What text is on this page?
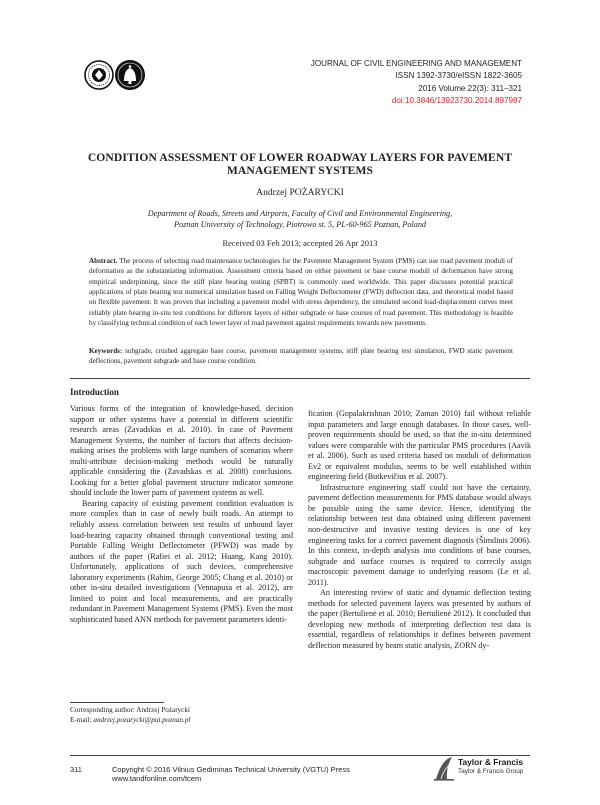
JOURNAL OF CIVIL ENGINEERING AND MANAGEMENT
ISSN 1392-3730/eISSN 1822-3605
2016 Volume 22(3): 311–321
doi:10.3846/13923730.2014.897987
CONDITION ASSESSMENT OF LOWER ROADWAY LAYERS FOR PAVEMENT MANAGEMENT SYSTEMS
Andrzej POŻARYCKI
Department of Roads, Streets and Airports, Faculty of Civil and Environmental Engineering,
Poznan University of Technology, Piotrowo st. 5, PL-60-965 Poznan, Poland
Received 03 Feb 2013; accepted 26 Apr 2013

Abstract. The process of selecting road maintenance technologies for the Pavement Management System (PMS) can use road pavement moduli of deformation as the substantiating information. Assessment criteria based on either pavement or base course moduli of deformation have strong empirical underpinning, since the stiff plate bearing testing (SPBT) is commonly used worldwide. This paper discusses potential practical applications of plate bearing test numerical simulation based on Falling Weight Deflectometer (FWD) deflection data, and theoretical model based on flexible pavement. It was proven that including a pavement model with stress dependency, the simulated second load-displacement curves meet reliably plate bearing in-situ test conditions for different layers of either subgrade or base courses of road pavement. This methodology is feasible by classifying technical condition of each lower layer of road pavement against requirements towards new pavements.

Keywords: subgrade, crushed aggregate base course, pavement management systems, stiff plate bearing test simulation, FWD static pavement deflections, pavement subgrade and base course condition.

Introduction

Various forms of the integration of knowledge-based, decision support or other systems have a potential in different scientific research areas (Zavadskas et al. 2010). In case of Pavement Management Systems, the number of factors that affects decision-making arises the problems with large numbers of scenarios where multi-attribute decision-making methods would be naturally applicable considering the (Zavadskas et al. 2008) conclusions. Looking for a better global pavement structure indicator someone should include the lower parts of pavement systems as well.

Bearing capacity of existing pavement condition evaluation is more complex than in case of newly built roads. An attempt to reliably assess correlation between test results of unbound layer load-bearing capacity obtained through conventional testing and Portable Falling Weight Deflectometer (PFWD) was made by authors of the paper (Rafiei et al. 2012; Huang, Kang 2010). Unfortunately, applications of such devices, comprehensive laboratory experiments (Rahim, George 2005; Chang et al. 2010) or other in-situ detailed investigations (Vennapusa et al. 2012), are limited to point and local measurements, and are practically redundant in Pavement Management Systems (PMS). Even the most sophisticated based ANN methods for pavement parameters identi-

fication (Gopalakrishnan 2010; Zaman 2010) fail without reliable input parameters and large enough databases. In those cases, well-proven requirements should be used, so that the in-situ determined values were comparable with the particular PMS procedures (Aavik et al. 2006). Such as used criteria based on moduli of deformation Ev2 or equivalent modulus, seems to be well established within engineering field (Butkevičius et al. 2007).

Infrastructure engineering staff could not have the certainty, pavement deflection measurements for PMS database would always be possible using the same device. Hence, identifying the relationship between test data obtained using different pavement non-destructive and invasive testing devices is one of key engineering tasks for a correct pavement diagnosis (Šimdinis 2006). In this context, in-depth analysis into conditions of base courses, subgrade and surface courses is required to correctly assign macroscopic pavement damage to underlying reasons (Le et al. 2011).

An interesting review of static and dynamic deflection testing methods for selected pavement layers was presented by authors of the paper (Bertulienė et al. 2010; Bertulienė 2012). It concluded that developing new methods of interpreting deflection test data is essential, regardless of relationships it defines between pavement deflection measured by beam static analysis, ZORN dy-

Corresponding author: Andrzej Pożarycki
E-mail: andrzej.pozarycki@put.poznan.pl
311	Copyright © 2016 Vilnius Gediminas Technical University (VGTU) Press
www.tandfonline.com/tcem
Taylor & Francis
Taylor & Francis Group
